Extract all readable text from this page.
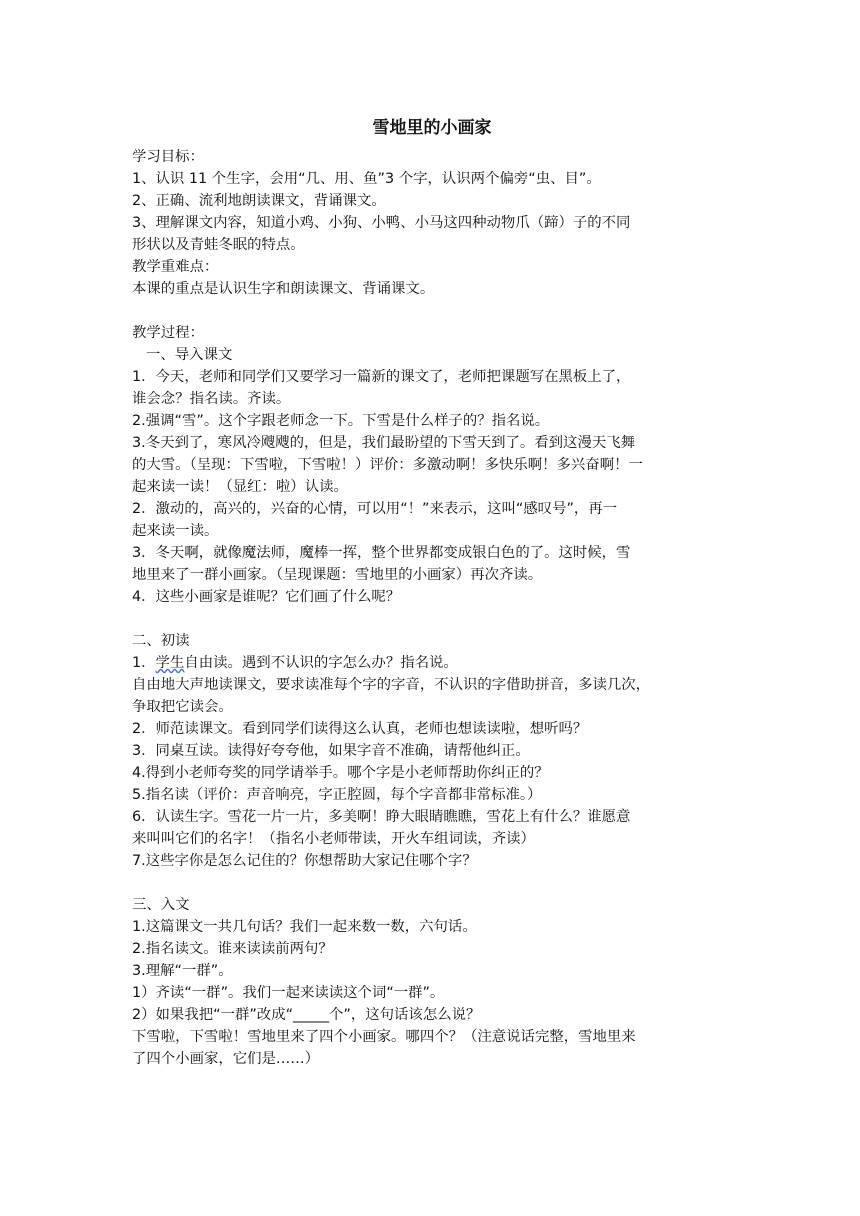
雪地里的小画家
学习目标：
1、认识 11 个生字，会用“几、用、鱼”3 个字，认识两个偏旁“虫、目”。
2、正确、流利地朗读课文，背诵课文。
3、理解课文内容，知道小鸡、小狗、小鸭、小马这四种动物爪（蹄）子的不同
形状以及青蛙冬眠的特点。
教学重难点：
本课的重点是认识生字和朗读课文、背诵课文。
教学过程：
一、导入课文
1．今天，老师和同学们又要学习一篇新的课文了，老师把课题写在黑板上了，
谁会念？指名读。齐读。
2.强调“雪”。这个字跟老师念一下。下雪是什么样子的？指名说。
3.冬天到了，寒风冷飕飕的，但是，我们最盼望的下雪天到了。看到这漫天飞舞
的大雪。（呈现：下雪啦，下雪啦！）评价：多激动啊！多快乐啊！多兴奋啊！一
起来读一读！（显红：啦）认读。
2．激动的，高兴的，兴奋的心情，可以用“！”来表示，这叫“感叹号”，再一
起来读一读。
3．冬天啊，就像魔法师，魔棒一挥，整个世界都变成银白色的了。这时候，雪
地里来了一群小画家。（呈现课题：雪地里的小画家）再次齐读。
4．这些小画家是谁呢？它们画了什么呢？
二、初读
1．学生自由读。遇到不认识的字怎么办？指名说。
自由地大声地读课文，要求读准每个字的字音，不认识的字借助拼音，多读几次，
争取把它读会。
2．师范读课文。看到同学们读得这么认真，老师也想读读啦，想听吗？
3．同桌互读。读得好夸夸他，如果字音不准确，请帮他纠正。
4.得到小老师夸奖的同学请举手。哪个字是小老师帮助你纠正的？
5.指名读（评价：声音响亮，字正腔圆，每个字音都非常标准。）
6．认读生字。雪花一片一片，多美啊！睁大眼睛瞧瞧，雪花上有什么？谁愿意
来叫叫它们的名字！（指名小老师带读，开火车组词读，齐读）
7.这些字你是怎么记住的？你想帮助大家记住哪个字？
三、入文
1.这篇课文一共几句话？我们一起来数一数，六句话。
2.指名读文。谁来读读前两句？
3.理解“一群”。
1）齐读“一群”。我们一起来读读这个词“一群”。
2）如果我把“一群”改成“_____个”，这句话该怎么说？
下雪啦，下雪啦！雪地里来了四个小画家。哪四个？（注意说话完整，雪地里来
了四个小画家，它们是……）
